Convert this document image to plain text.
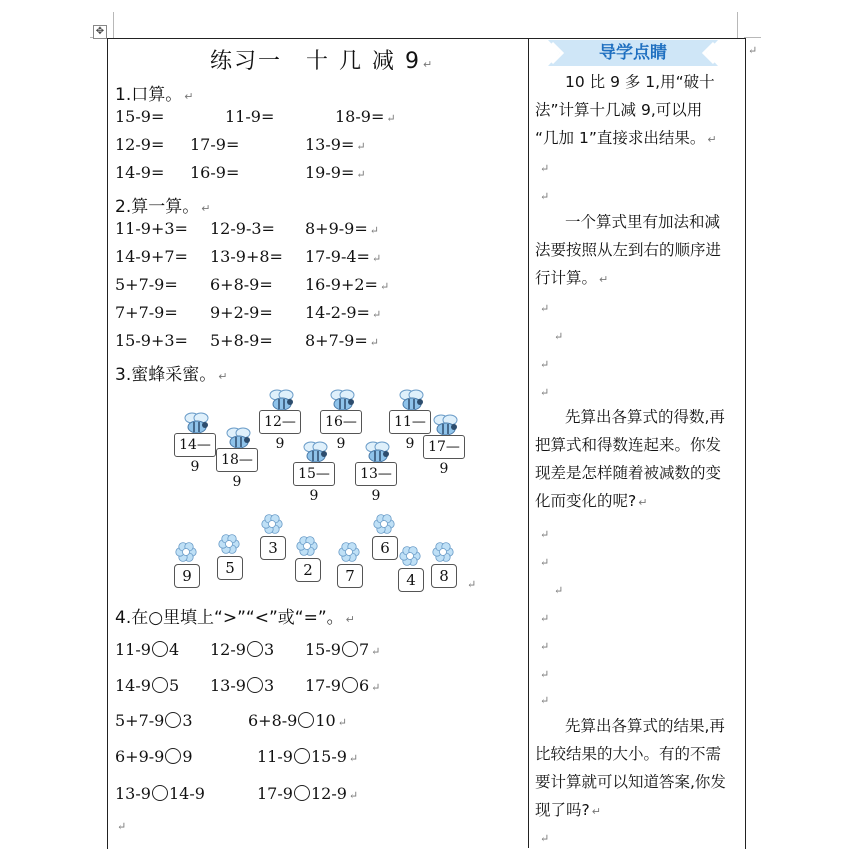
✥
练习一　十 几 减 9 ↵
1.口算。 ↵
15-9=	11-9=	18-9= ↵
12-9= 17-9=	13-9= ↵
14-9= 16-9=	19-9= ↵
2.算一算。 ↵
11-9+3= 12-9-3= 8+9-9= ↵
14-9+7= 13-9+8= 17-9-4= ↵
5+7-9= 6+8-9= 16-9+2= ↵
7+7-9= 9+2-9= 14-2-9= ↵
15-9+3= 5+8-9= 8+7-9= ↵
3.蜜蜂采蜜。 ↵
14—9	18—9
12—9
16—9
11—9 17—9
15—9
13—9
9	5
3
2	7
6
4	8	↵
4.在○里填上“>”“<”或“=”。 ↵
11-9 4 12-9 3 15-9 7 ↵
14-9 5 13-9 3 17-9 6 ↵
5+7-9 3	6+8-9 10 ↵
6+9-9 9	11-9 15-9 ↵
13-9 14-9	17-9 12-9 ↵
↵
导学点睛	↵
10 比 9 多 1,用“破十
法”计算十几减 9,可以用
“几加 1”直接求出结果。 ↵
一个算式里有加法和减
法要按照从左到右的顺序进
行计算。 ↵
先算出各算式的得数,再
把算式和得数连起来。你发
现差是怎样随着被减数的变
化而变化的呢? ↵
先算出各算式的结果,再
比较结果的大小。有的不需
要计算就可以知道答案,你发
现了吗? ↵
↵
↵
↵
↵
↵
↵
↵
↵
↵
↵
↵
↵
↵
↵
